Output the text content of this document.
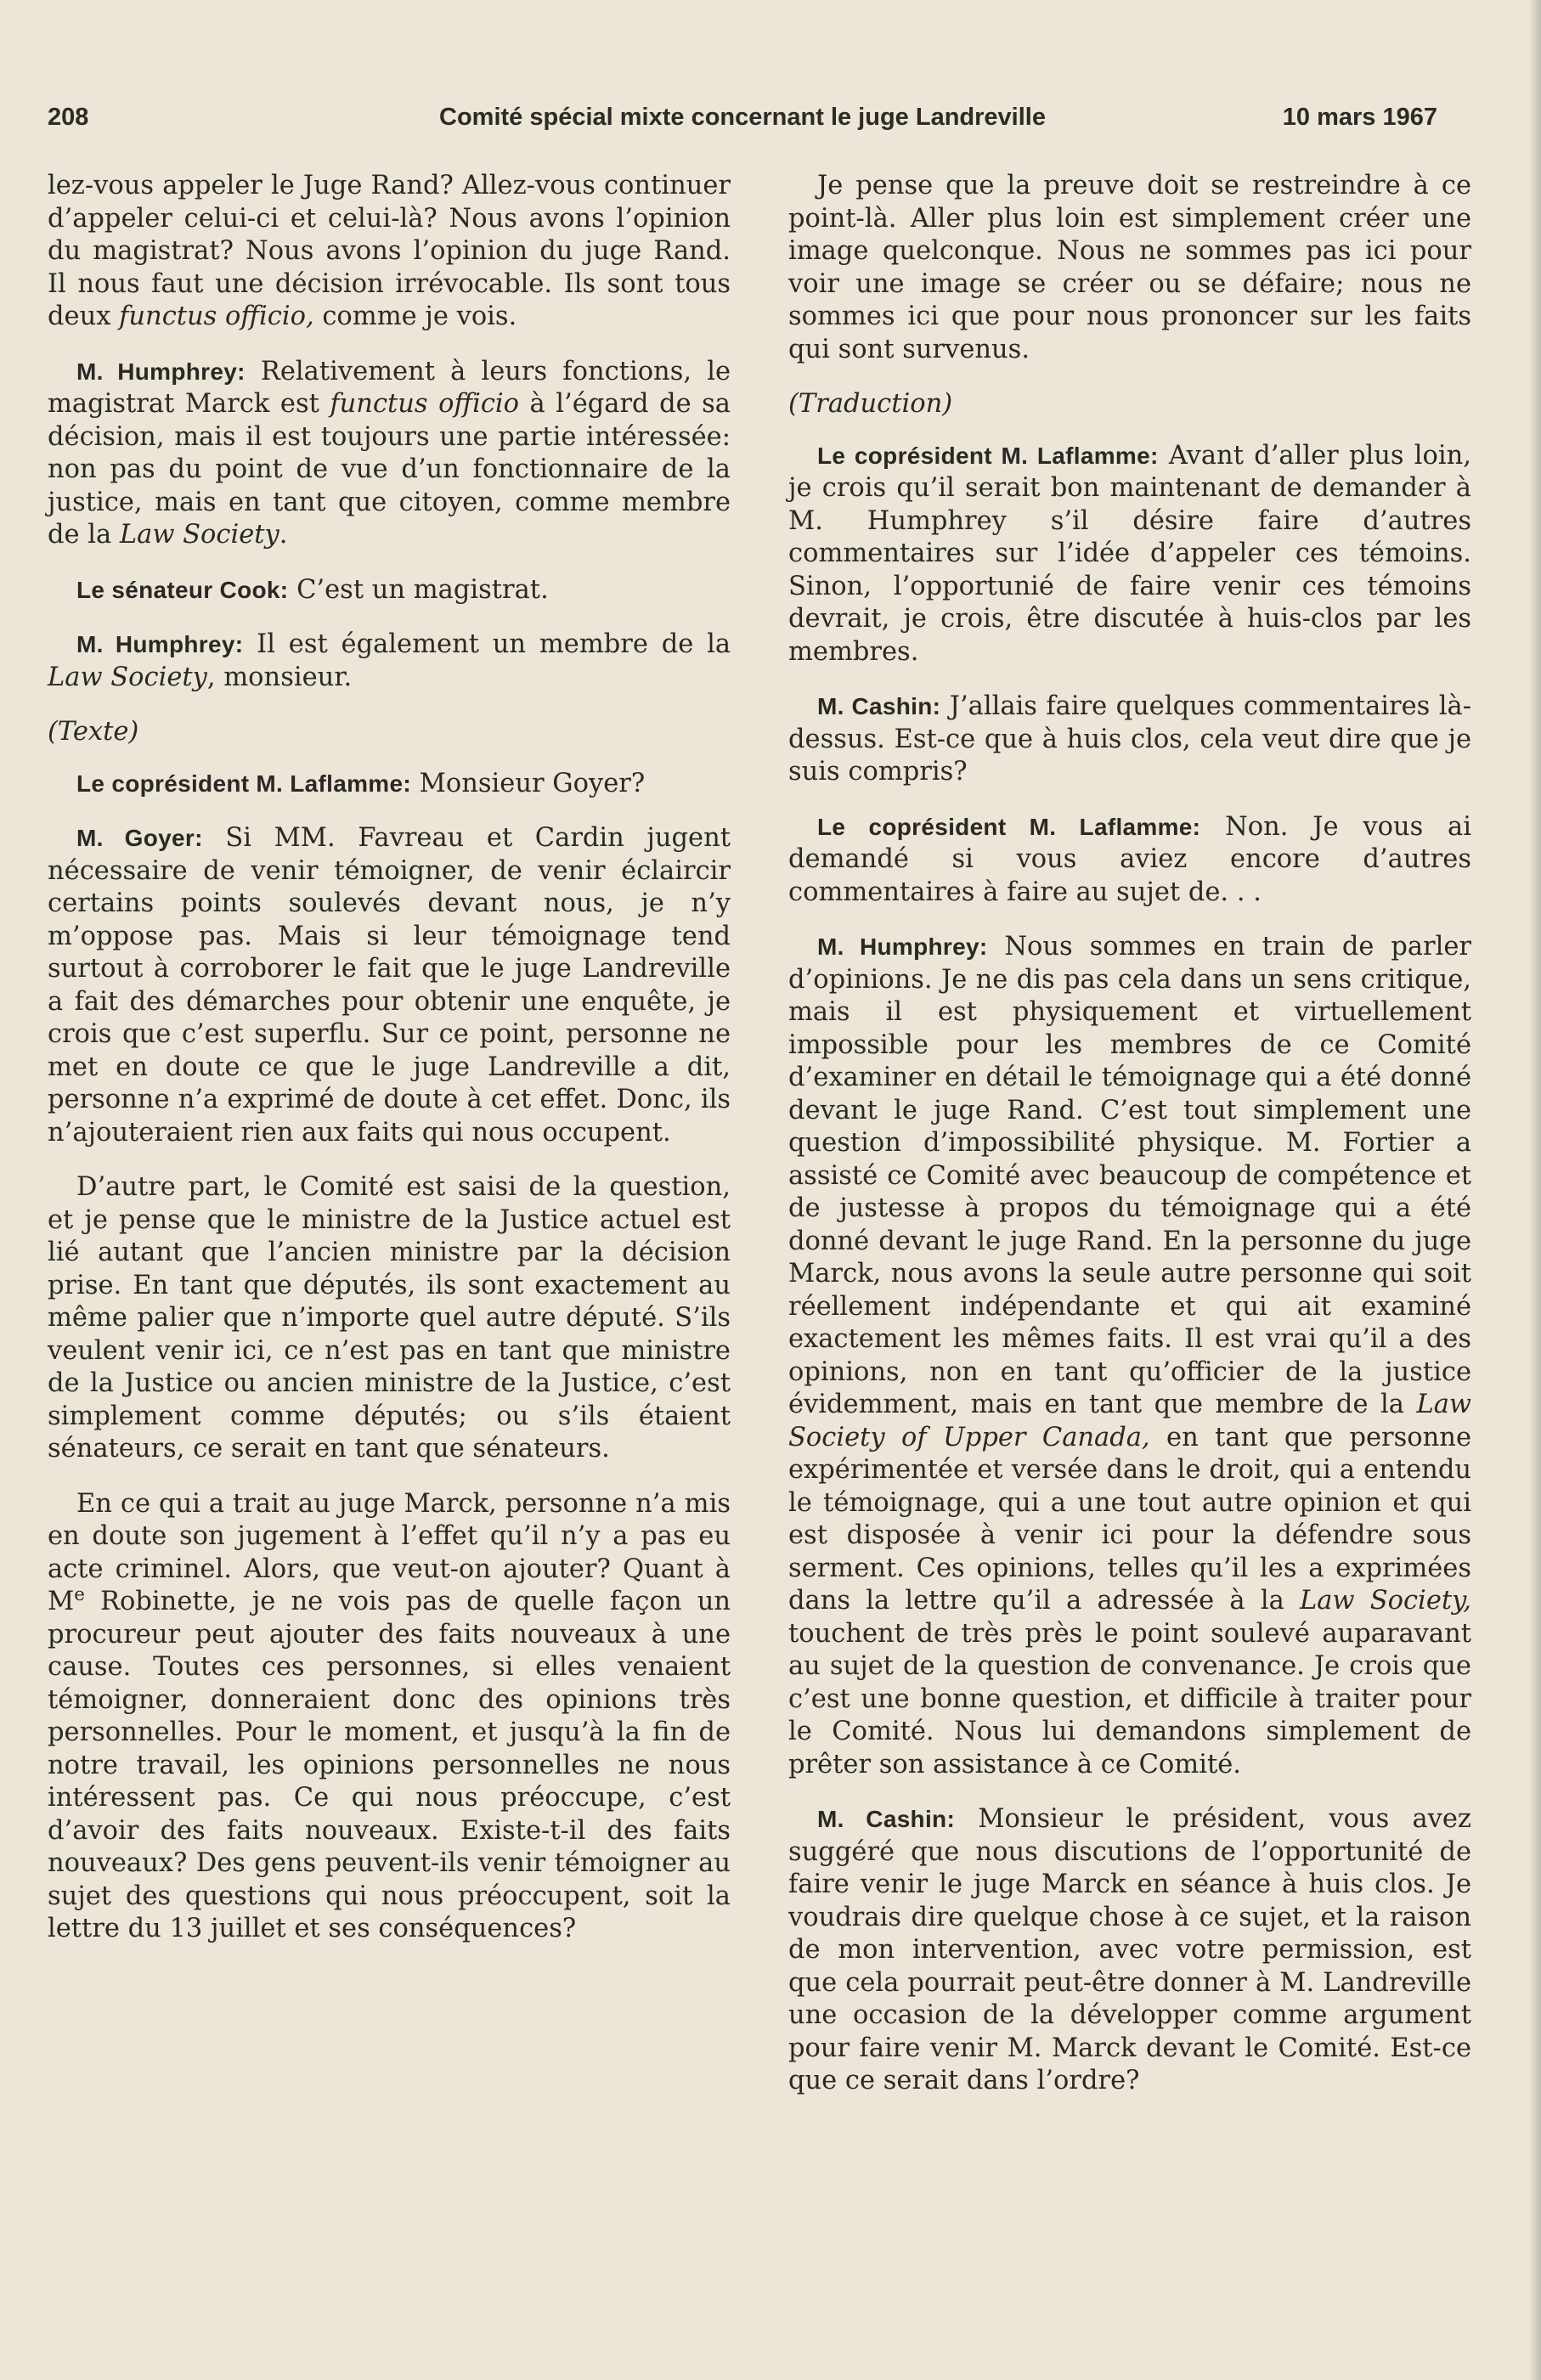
208	Comité spécial mixte concernant le juge Landreville	10 mars 1967

lez-vous appeler le Juge Rand? Allez-vous continuer d’appeler celui-ci et celui-là? Nous avons l’opinion du magistrat? Nous avons l’opinion du juge Rand. Il nous faut une décision irrévocable. Ils sont tous deux functus officio, comme je vois.

M. Humphrey: Relativement à leurs fonctions, le magistrat Marck est functus officio à l’égard de sa décision, mais il est toujours une partie intéressée: non pas du point de vue d’un fonctionnaire de la justice, mais en tant que citoyen, comme membre de la Law Society.

Le sénateur Cook: C’est un magistrat.

M. Humphrey: Il est également un membre de la Law Society, monsieur.

(Texte)

Le coprésident M. Laflamme: Monsieur Goyer?

M. Goyer: Si MM. Favreau et Cardin jugent nécessaire de venir témoigner, de venir éclaircir certains points soulevés devant nous, je n’y m’oppose pas. Mais si leur témoignage tend surtout à corroborer le fait que le juge Landreville a fait des démarches pour obtenir une enquête, je crois que c’est superflu. Sur ce point, personne ne met en doute ce que le juge Landreville a dit, personne n’a exprimé de doute à cet effet. Donc, ils n’ajouteraient rien aux faits qui nous occupent.

D’autre part, le Comité est saisi de la question, et je pense que le ministre de la Justice actuel est lié autant que l’ancien ministre par la décision prise. En tant que députés, ils sont exactement au même palier que n’importe quel autre député. S’ils veulent venir ici, ce n’est pas en tant que ministre de la Justice ou ancien ministre de la Justice, c’est simplement comme députés; ou s’ils étaient sénateurs, ce serait en tant que sénateurs.

En ce qui a trait au juge Marck, personne n’a mis en doute son jugement à l’effet qu’il n’y a pas eu acte criminel. Alors, que veut-on ajouter? Quant à Me Robinette, je ne vois pas de quelle façon un procureur peut ajouter des faits nouveaux à une cause. Toutes ces personnes, si elles venaient témoigner, donneraient donc des opinions très personnelles. Pour le moment, et jusqu’à la fin de notre travail, les opinions personnelles ne nous intéressent pas. Ce qui nous préoccupe, c’est d’avoir des faits nouveaux. Existe-t-il des faits nouveaux? Des gens peuvent-ils venir témoigner au sujet des questions qui nous préoccupent, soit la lettre du 13 juillet et ses conséquences?

Je pense que la preuve doit se restreindre à ce point-là. Aller plus loin est simplement créer une image quelconque. Nous ne sommes pas ici pour voir une image se créer ou se défaire; nous ne sommes ici que pour nous prononcer sur les faits qui sont survenus.

(Traduction)

Le coprésident M. Laflamme: Avant d’aller plus loin, je crois qu’il serait bon maintenant de demander à M. Humphrey s’il désire faire d’autres commentaires sur l’idée d’appeler ces témoins. Sinon, l’opportunié de faire venir ces témoins devrait, je crois, être discutée à huis-clos par les membres.

M. Cashin: J’allais faire quelques commentaires là-dessus. Est-ce que à huis clos, cela veut dire que je suis compris?

Le coprésident M. Laflamme: Non. Je vous ai demandé si vous aviez encore d’autres commentaires à faire au sujet de. . .

M. Humphrey: Nous sommes en train de parler d’opinions. Je ne dis pas cela dans un sens critique, mais il est physiquement et virtuellement impossible pour les membres de ce Comité d’examiner en détail le témoignage qui a été donné devant le juge Rand. C’est tout simplement une question d’impossibilité physique. M. Fortier a assisté ce Comité avec beaucoup de compétence et de justesse à propos du témoignage qui a été donné devant le juge Rand. En la personne du juge Marck, nous avons la seule autre personne qui soit réellement indépendante et qui ait examiné exactement les mêmes faits. Il est vrai qu’il a des opinions, non en tant qu’officier de la justice évidemment, mais en tant que membre de la Law Society of Upper Canada, en tant que personne expérimentée et versée dans le droit, qui a entendu le témoignage, qui a une tout autre opinion et qui est disposée à venir ici pour la défendre sous serment. Ces opinions, telles qu’il les a exprimées dans la lettre qu’il a adressée à la Law Society, touchent de très près le point soulevé auparavant au sujet de la question de convenance. Je crois que c’est une bonne question, et difficile à traiter pour le Comité. Nous lui demandons simplement de prêter son assistance à ce Comité.

M. Cashin: Monsieur le président, vous avez suggéré que nous discutions de l’opportunité de faire venir le juge Marck en séance à huis clos. Je voudrais dire quelque chose à ce sujet, et la raison de mon intervention, avec votre permission, est que cela pourrait peut-être donner à M. Landreville une occasion de la développer comme argument pour faire venir M. Marck devant le Comité. Est-ce que ce serait dans l’ordre?
